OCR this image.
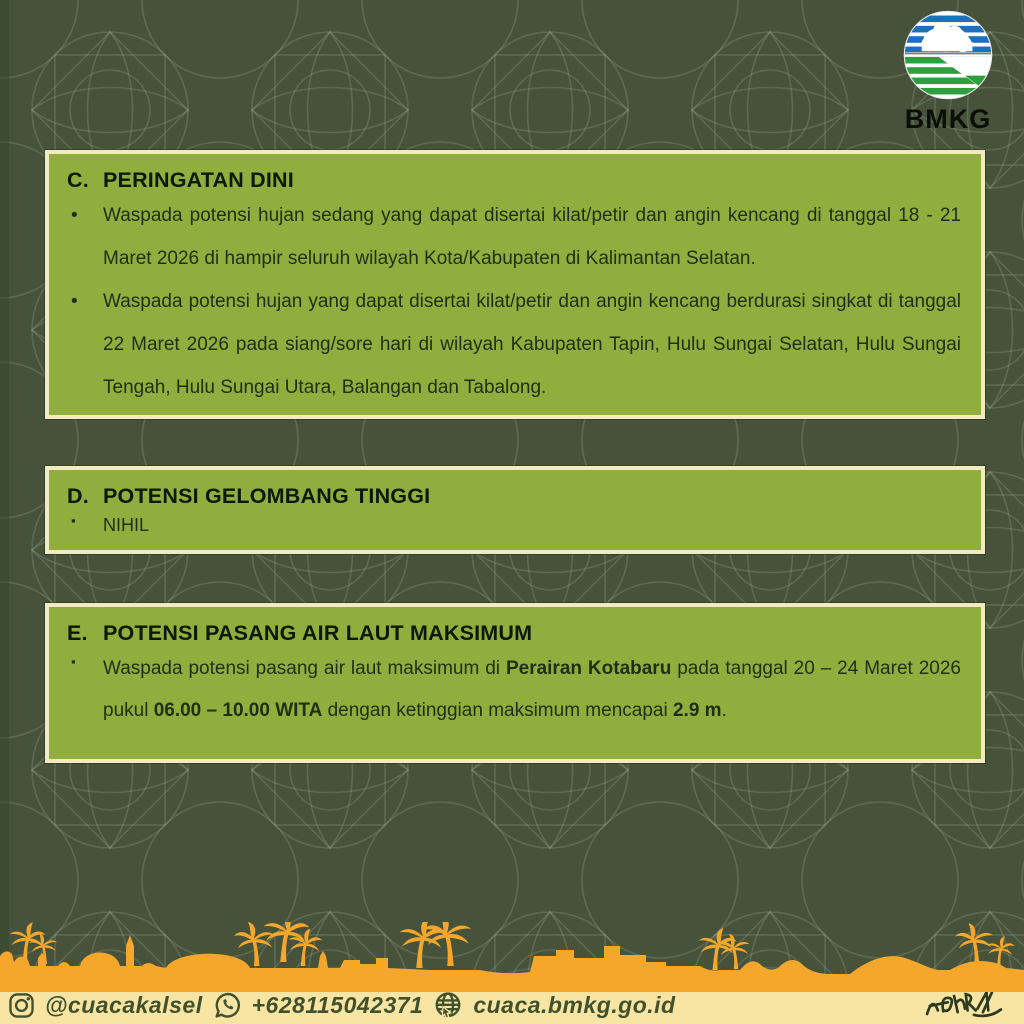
BMKG
C. PERINGATAN DINI
•	Waspada potensi hujan sedang yang dapat disertai kilat/petir dan angin kencang di tanggal 18 - 21 Maret 2026 di hampir seluruh wilayah Kota/Kabupaten di Kalimantan Selatan.

•	Waspada potensi hujan yang dapat disertai kilat/petir dan angin kencang berdurasi singkat di tanggal 22 Maret 2026 pada siang/sore hari di wilayah Kabupaten Tapin, Hulu Sungai Selatan, Hulu Sungai Tengah, Hulu Sungai Utara, Balangan dan Tabalong.

D. POTENSI GELOMBANG TINGGI
▪	NIHIL

E. POTENSI PASANG AIR LAUT MAKSIMUM
▪	Waspada potensi pasang air laut maksimum di Perairan Kotabaru pada tanggal 20 – 24 Maret 2026 pukul 06.00 – 10.00 WITA dengan ketinggian maksimum mencapai 2.9 m.

@cuacakalsel +628115042371 cuaca.bmkg.go.id
